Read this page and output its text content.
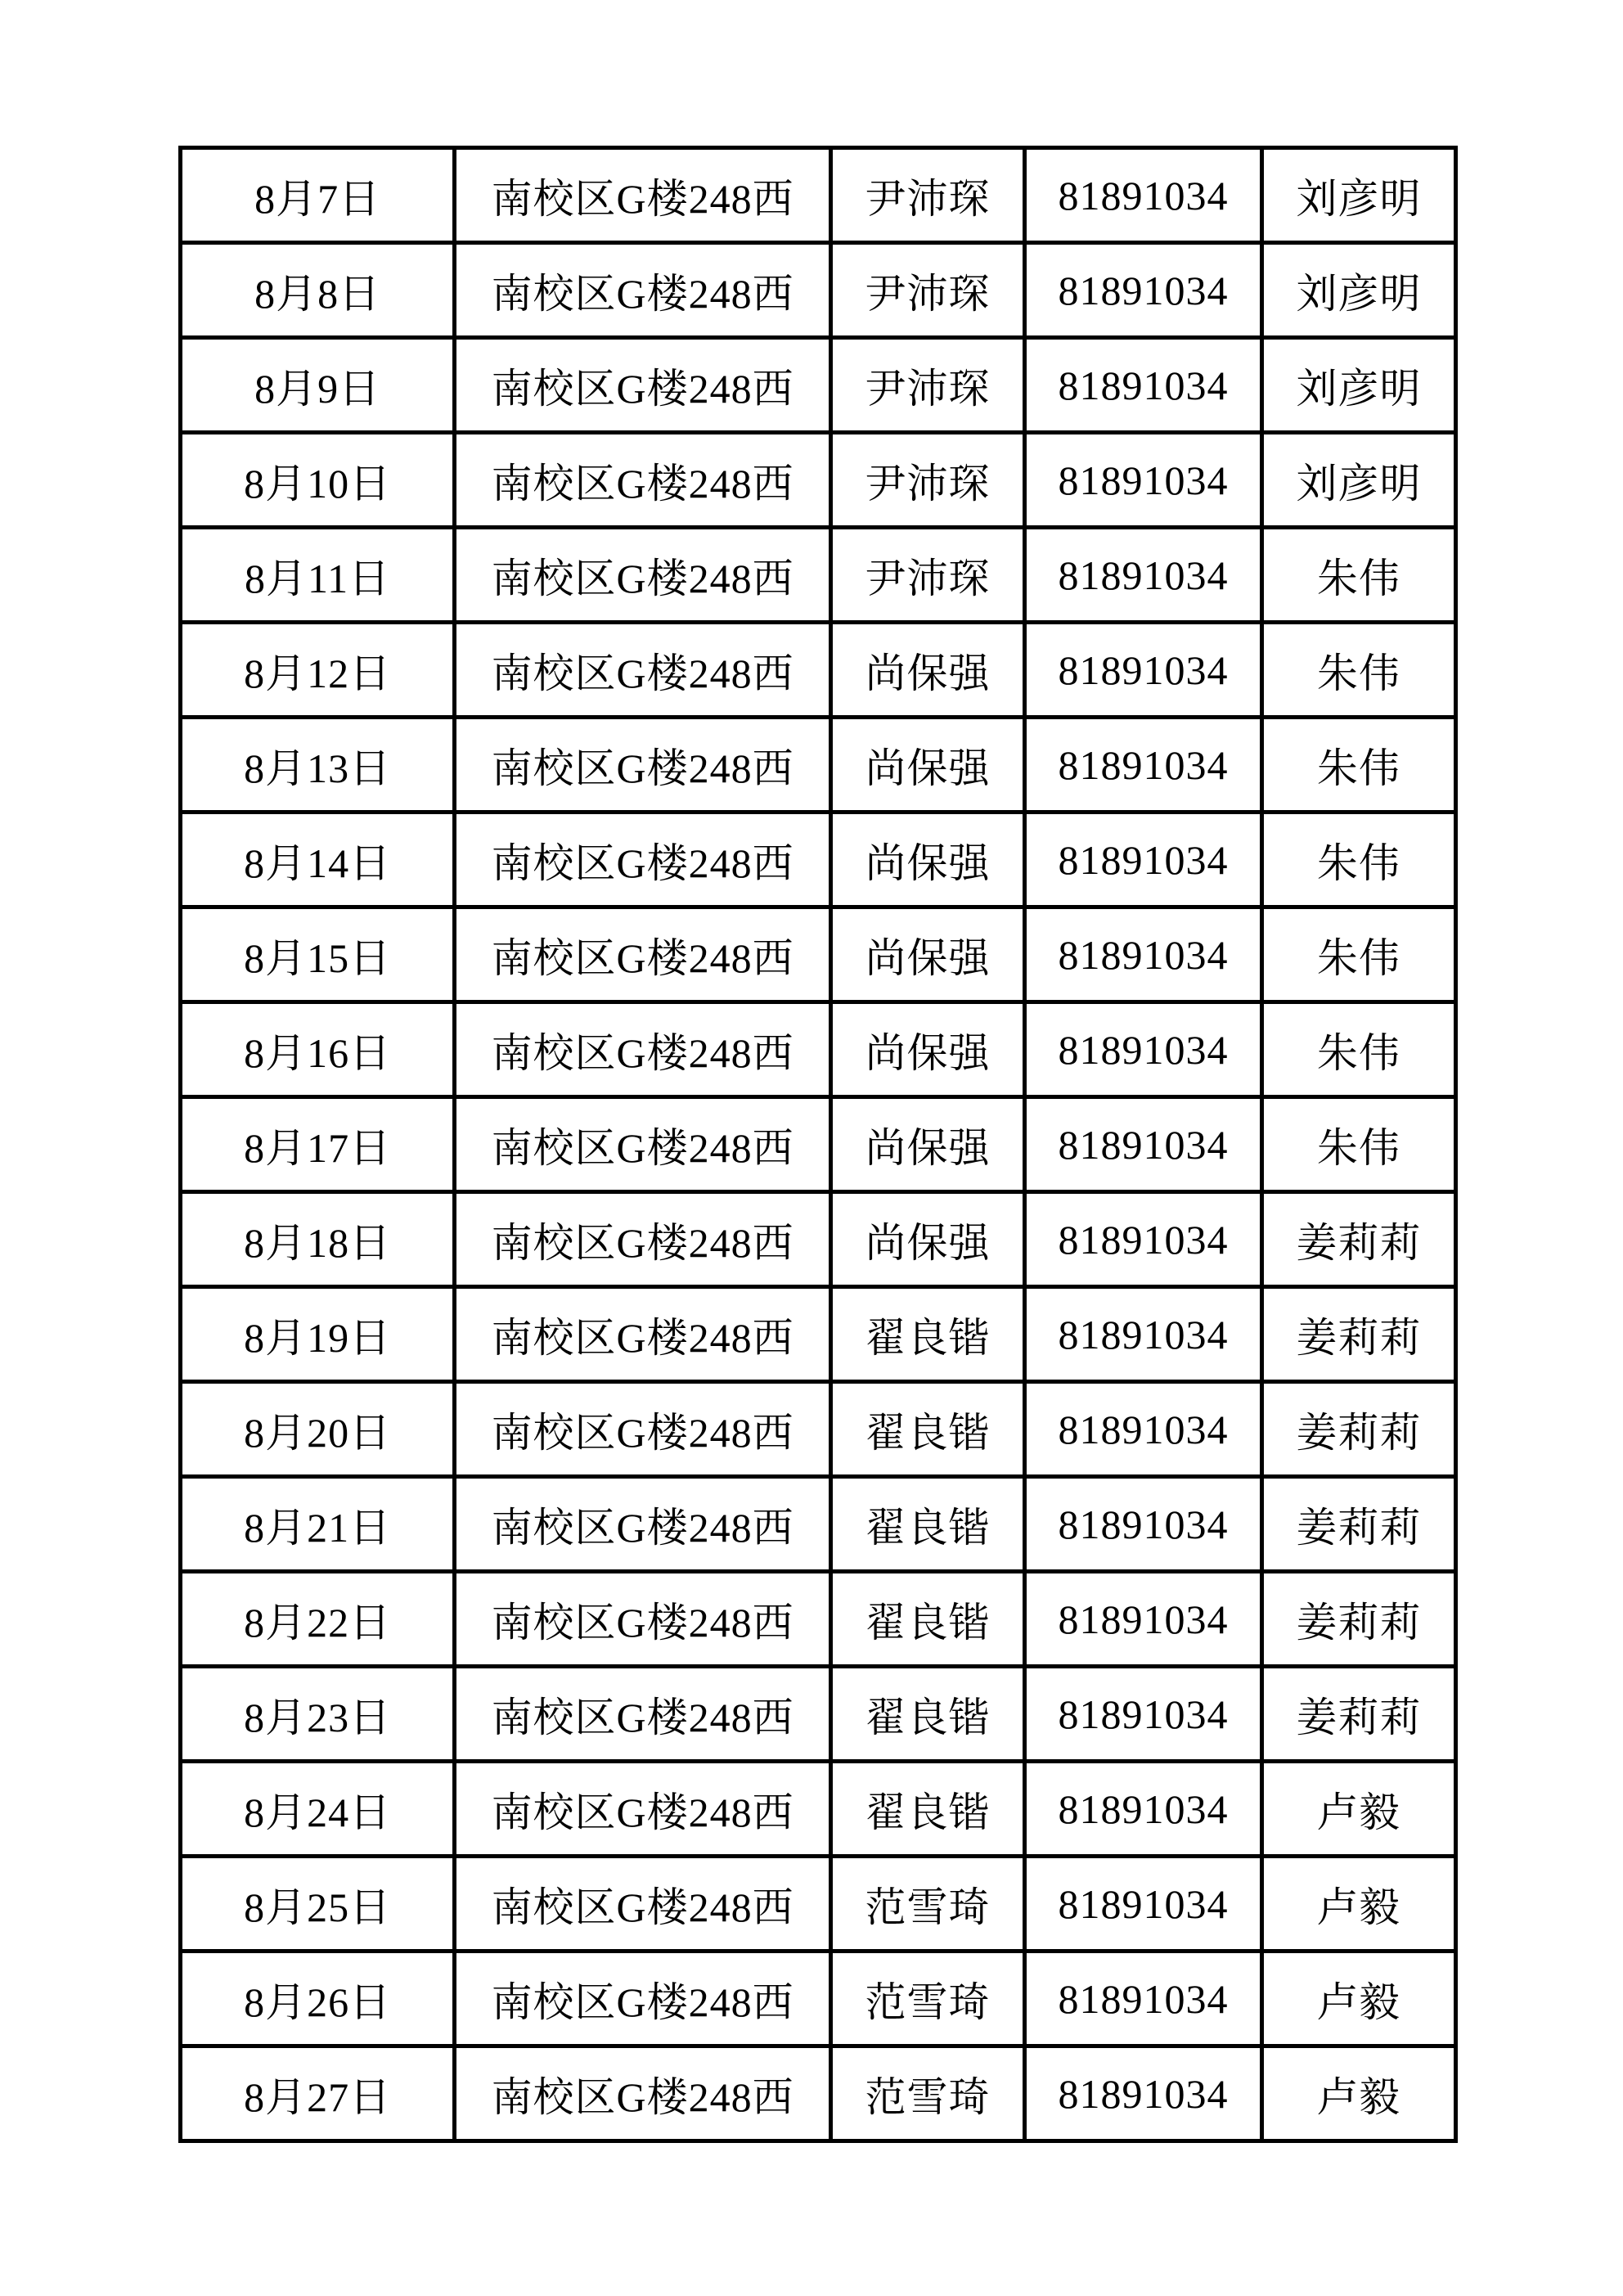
8月7日	南校区G楼248西	尹沛琛	81891034	刘彦明
8月8日	南校区G楼248西	尹沛琛	81891034	刘彦明
8月9日	南校区G楼248西	尹沛琛	81891034	刘彦明
8月10日	南校区G楼248西	尹沛琛	81891034	刘彦明
8月11日	南校区G楼248西	尹沛琛	81891034	朱伟
8月12日	南校区G楼248西	尚保强	81891034	朱伟
8月13日	南校区G楼248西	尚保强	81891034	朱伟
8月14日	南校区G楼248西	尚保强	81891034	朱伟
8月15日	南校区G楼248西	尚保强	81891034	朱伟
8月16日	南校区G楼248西	尚保强	81891034	朱伟
8月17日	南校区G楼248西	尚保强	81891034	朱伟
8月18日	南校区G楼248西	尚保强	81891034	姜莉莉
8月19日	南校区G楼248西	翟良锴	81891034	姜莉莉
8月20日	南校区G楼248西	翟良锴	81891034	姜莉莉
8月21日	南校区G楼248西	翟良锴	81891034	姜莉莉
8月22日	南校区G楼248西	翟良锴	81891034	姜莉莉
8月23日	南校区G楼248西	翟良锴	81891034	姜莉莉
8月24日	南校区G楼248西	翟良锴	81891034	卢毅
8月25日	南校区G楼248西	范雪琦	81891034	卢毅
8月26日	南校区G楼248西	范雪琦	81891034	卢毅
8月27日	南校区G楼248西	范雪琦	81891034	卢毅
